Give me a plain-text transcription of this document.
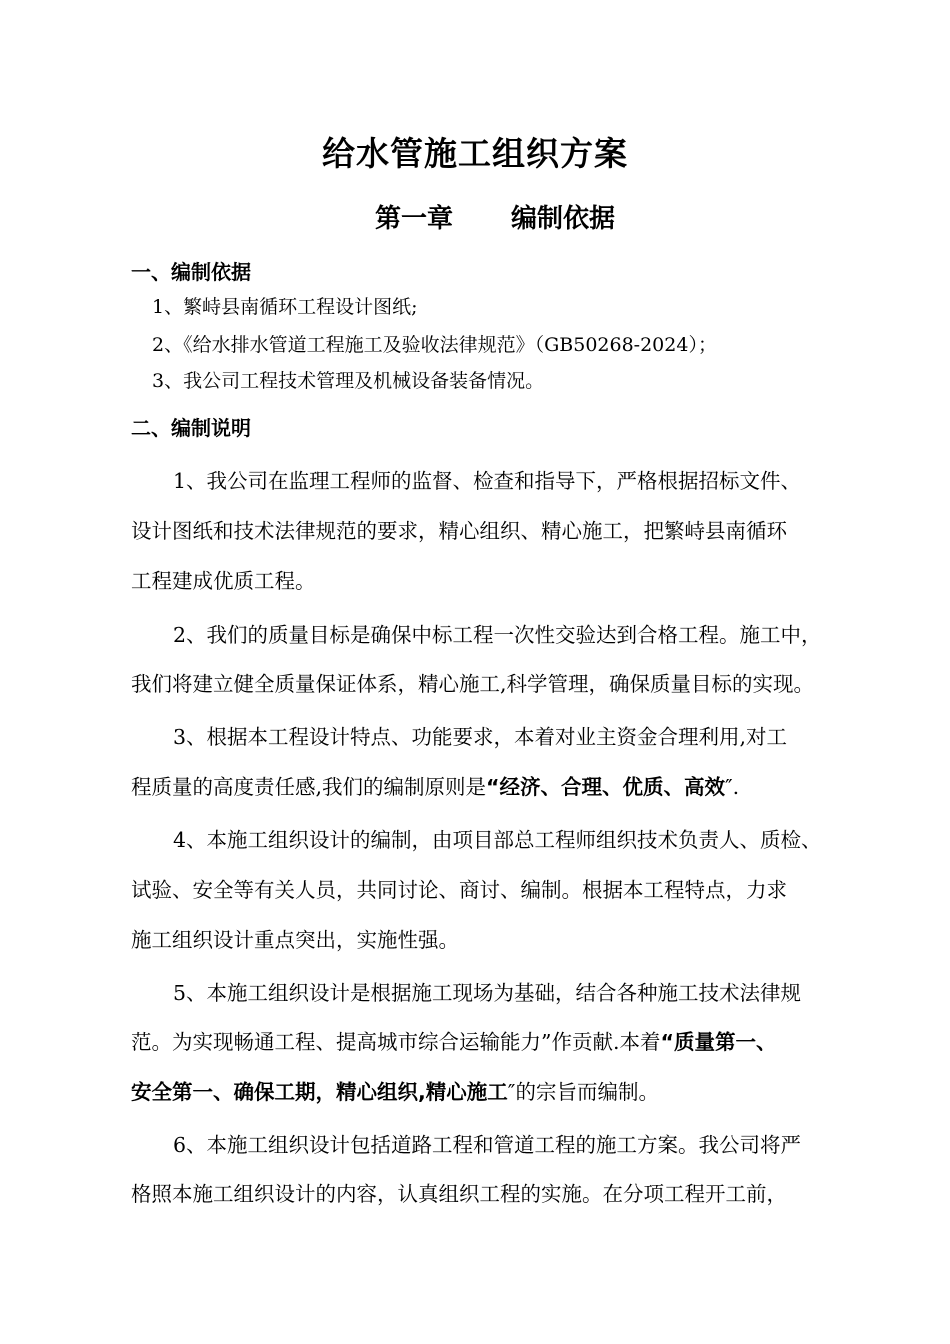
给水管施工组织方案
第一章 编制依据
一、编制依据
1、繁峙县南循环工程设计图纸;
2、《给水排水管道工程施工及验收法律规范》（GB50268-2024）；
3、我公司工程技术管理及机械设备装备情况。
二、编制说明
1、我公司在监理工程师的监督、检查和指导下，严格根据招标文件、
设计图纸和技术法律规范的要求，精心组织、精心施工，把繁峙县南循环
工程建成优质工程。
2、我们的质量目标是确保中标工程一次性交验达到合格工程。施工中，
我们将建立健全质量保证体系，精心施工,科学管理，确保质量目标的实现。
3、根据本工程设计特点、功能要求，本着对业主资金合理利用,对工
程质量的高度责任感,我们的编制原则是“经济、合理、优质、高效″.
4、本施工组织设计的编制，由项目部总工程师组织技术负责人、质检、
试验、安全等有关人员，共同讨论、商讨、编制。根据本工程特点，力求
施工组织设计重点突出，实施性强。
5、本施工组织设计是根据施工现场为基础，结合各种施工技术法律规
范。为实现畅通工程、提高城市综合运输能力”作贡献.本着“质量第一、
安全第一、确保工期，精心组织,精心施工″的宗旨而编制。
6、本施工组织设计包括道路工程和管道工程的施工方案。我公司将严
格照本施工组织设计的内容，认真组织工程的实施。在分项工程开工前，
